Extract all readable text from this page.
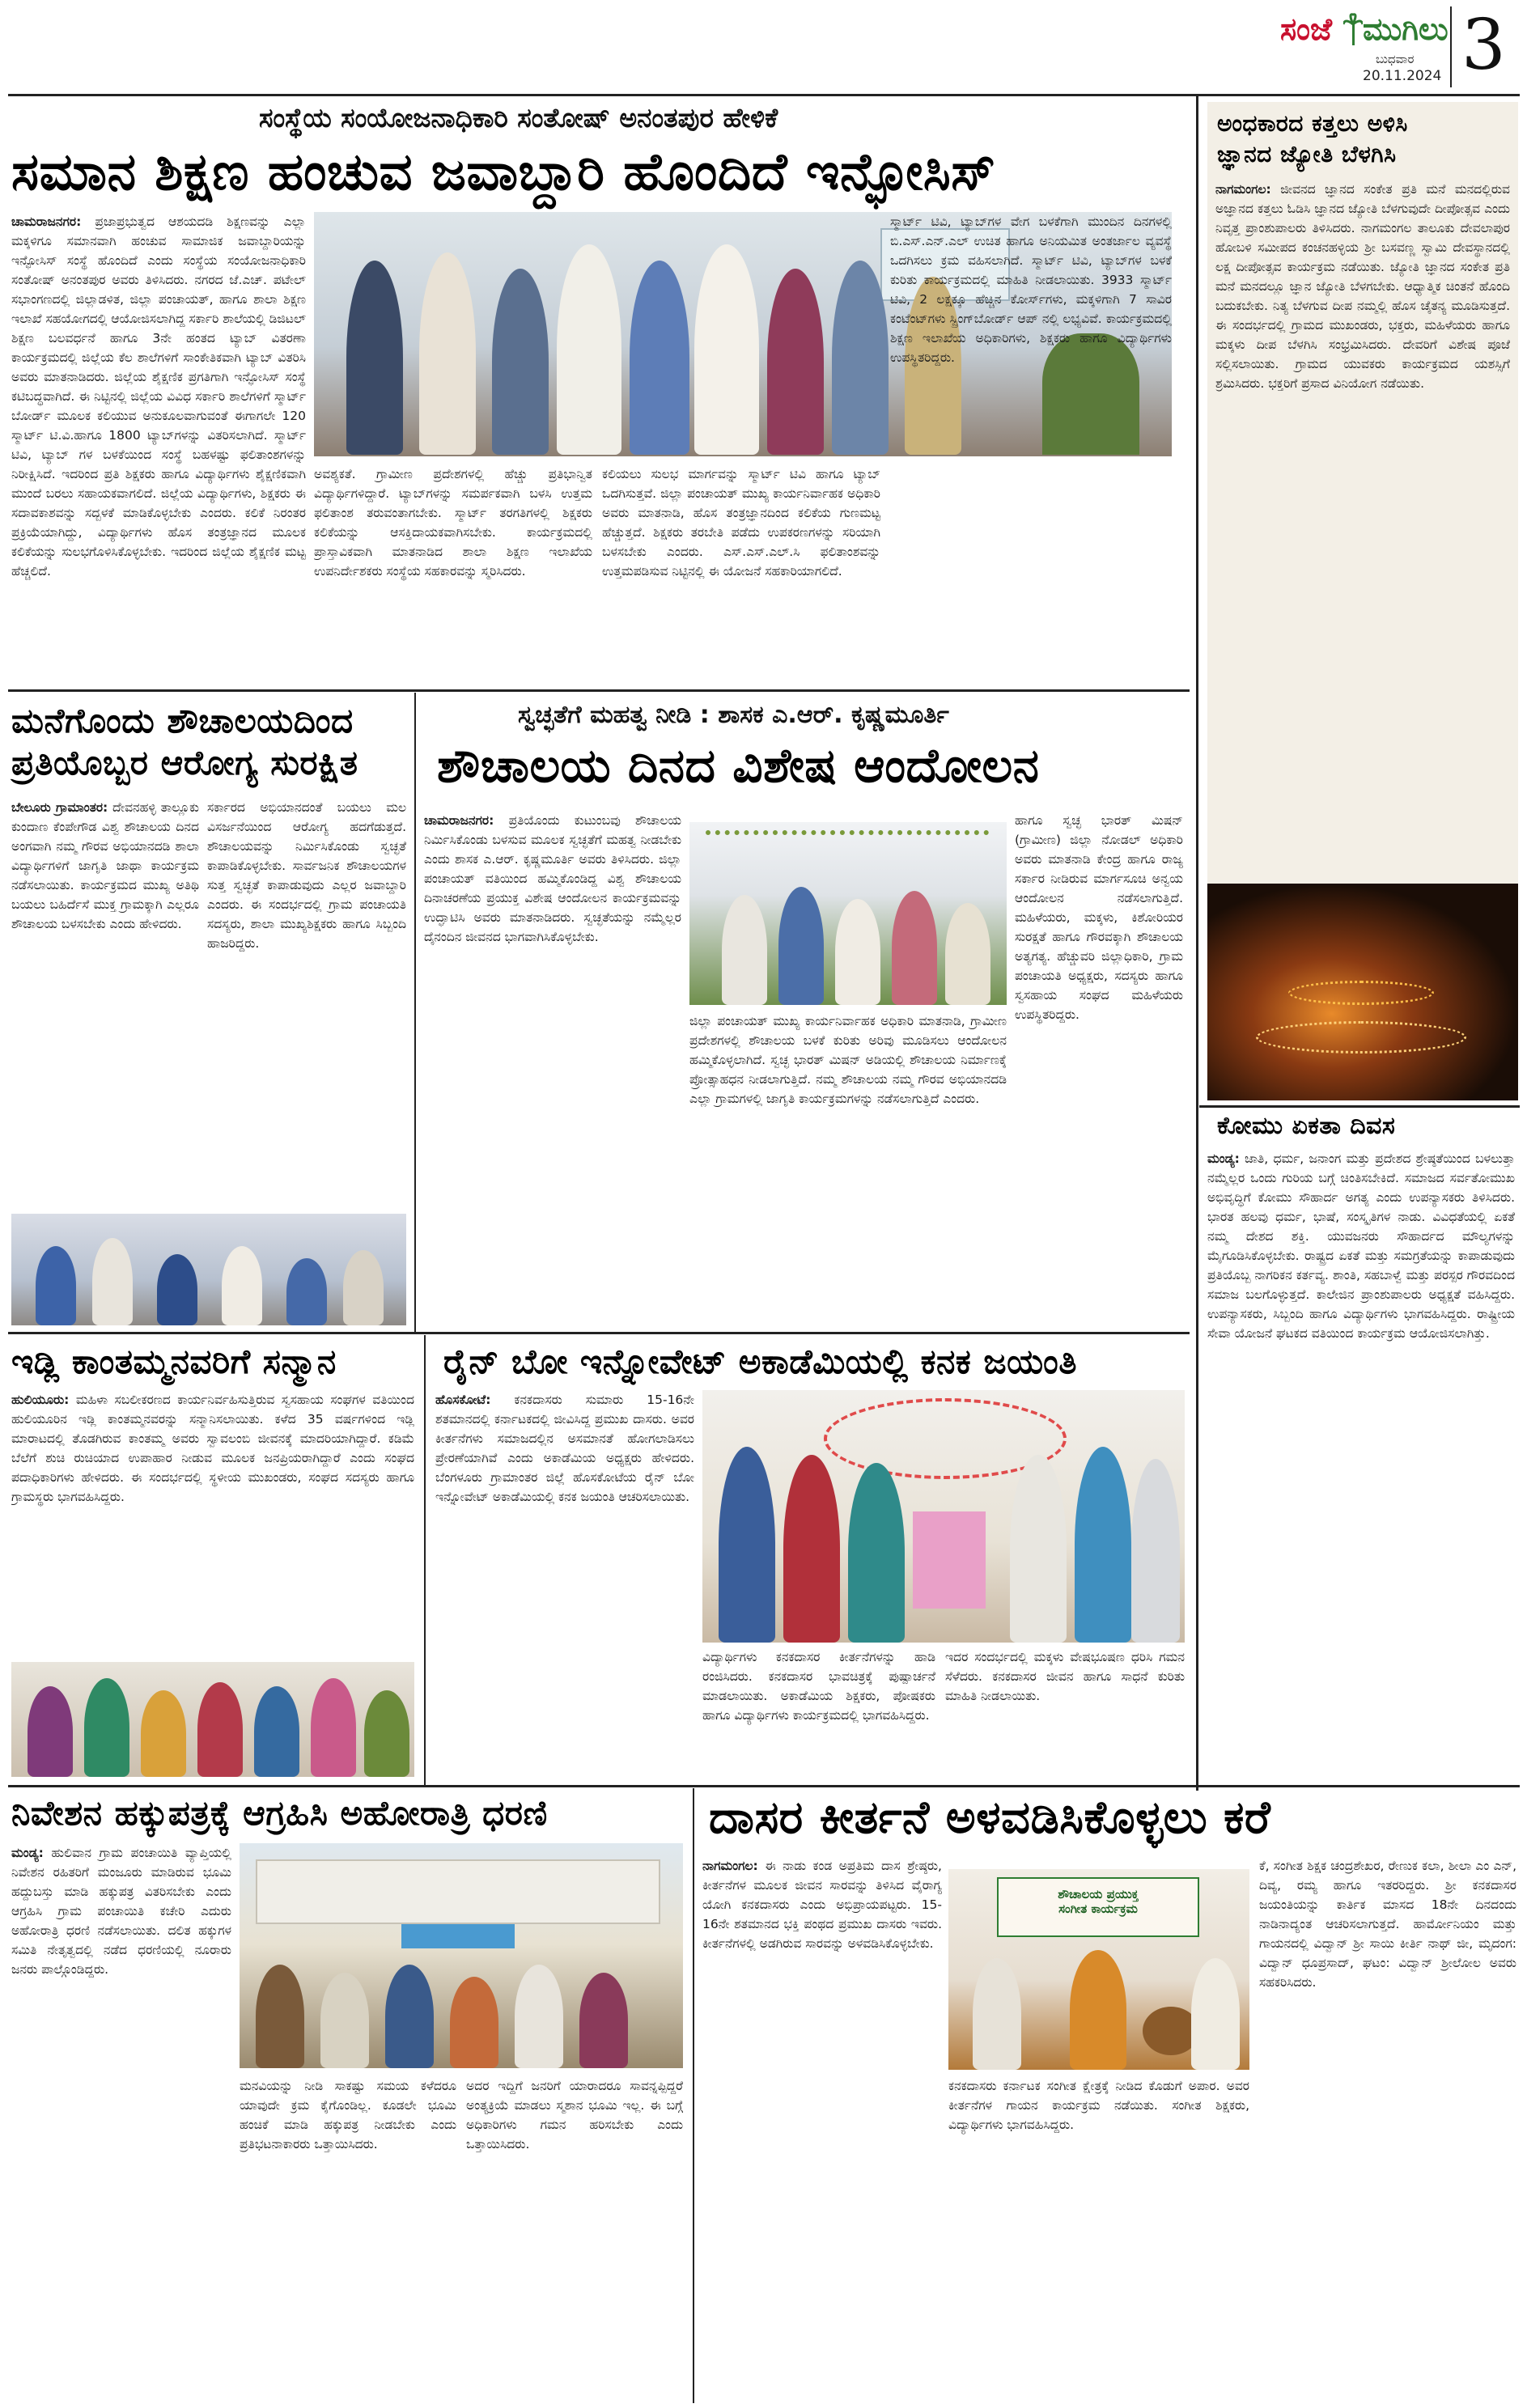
ಸಂಜೆ ಮುಗಿಲು
ಬುಧವಾರ
20.11.2024 3
ಸಂಸ್ಥೆಯ ಸಂಯೋಜನಾಧಿಕಾರಿ ಸಂತೋಷ್ ಅನಂತಪುರ ಹೇಳಿಕೆ
ಸಮಾನ ಶಿಕ್ಷಣ ಹಂಚುವ ಜವಾಬ್ದಾರಿ ಹೊಂದಿದೆ ಇನ್ಫೋಸಿಸ್
ಚಾಮರಾಜನಗರ: ಪ್ರಜಾಪ್ರಭುತ್ವದ ಆಶಯದಡಿ ಶಿಕ್ಷಣವನ್ನು ಎಲ್ಲಾ ಮಕ್ಕಳಿಗೂ ಸಮಾನವಾಗಿ ಹಂಚುವ ಸಾಮಾಜಿಕ ಜವಾಬ್ದಾರಿಯನ್ನು ಇನ್ಫೋಸಿಸ್ ಸಂಸ್ಥೆ ಹೊಂದಿದೆ ಎಂದು ಸಂಸ್ಥೆಯ ಸಂಯೋಜನಾಧಿಕಾರಿ ಸಂತೋಷ್ ಅನಂತಪುರ ಅವರು ತಿಳಿಸಿದರು. ನಗರದ ಜೆ.ಎಚ್. ಪಟೇಲ್ ಸಭಾಂಗಣದಲ್ಲಿ ಜಿಲ್ಲಾಡಳಿತ, ಜಿಲ್ಲಾ ಪಂಚಾಯತ್, ಹಾಗೂ ಶಾಲಾ ಶಿಕ್ಷಣ ಇಲಾಖೆ ಸಹಯೋಗದಲ್ಲಿ ಆಯೋಜಿಸಲಾಗಿದ್ದ ಸರ್ಕಾರಿ ಶಾಲೆಯಲ್ಲಿ ಡಿಜಿಟಲ್ ಶಿಕ್ಷಣ ಬಲವರ್ಧನೆ ಹಾಗೂ 3ನೇ ಹಂತದ ಟ್ಯಾಬ್ ವಿತರಣಾ ಕಾರ್ಯಕ್ರಮದಲ್ಲಿ ಜಿಲ್ಲೆಯ ಕೆಲ ಶಾಲೆಗಳಿಗೆ ಸಾಂಕೇತಿಕವಾಗಿ ಟ್ಯಾಬ್ ವಿತರಿಸಿ ಅವರು ಮಾತನಾಡಿದರು. ಜಿಲ್ಲೆಯ ಶೈಕ್ಷಣಿಕ ಪ್ರಗತಿಗಾಗಿ ಇನ್ಫೋಸಿಸ್ ಸಂಸ್ಥೆ ಕಟಿಬದ್ಧವಾಗಿದೆ. ಈ ನಿಟ್ಟಿನಲ್ಲಿ ಜಿಲ್ಲೆಯ ವಿವಿಧ ಸರ್ಕಾರಿ ಶಾಲೆಗಳಿಗೆ ಸ್ಮಾರ್ಟ್ ಬೋರ್ಡ್ ಮೂಲಕ ಕಲಿಯುವ ಅನುಕೂಲವಾಗುವಂತೆ ಈಗಾಗಲೇ 120 ಸ್ಮಾರ್ಟ್ ಟಿ.ವಿ.ಹಾಗೂ 1800 ಟ್ಯಾಬ್‌ಗಳನ್ನು ವಿತರಿಸಲಾಗಿದೆ. ಸ್ಮಾರ್ಟ್ ಟಿವಿ, ಟ್ಯಾಬ್ ಗಳ ಬಳಕೆಯಿಂದ ಸಂಸ್ಥೆ ಬಹಳಷ್ಟು ಫಲಿತಾಂಶಗಳನ್ನು ನಿರೀಕ್ಷಿಸಿದೆ. ಇದರಿಂದ ಪ್ರತಿ ಶಿಕ್ಷಕರು ಹಾಗೂ ವಿದ್ಯಾರ್ಥಿಗಳು ಶೈಕ್ಷಣಿಕವಾಗಿ ಮುಂದೆ ಬರಲು ಸಹಾಯಕವಾಗಲಿದೆ. ಜಿಲ್ಲೆಯ ವಿದ್ಯಾರ್ಥಿಗಳು, ಶಿಕ್ಷಕರು ಈ ಸದಾವಕಾಶವನ್ನು ಸದ್ಬಳಕೆ ಮಾಡಿಕೊಳ್ಳಬೇಕು ಎಂದರು. ಕಲಿಕೆ ನಿರಂತರ ಪ್ರಕ್ರಿಯೆಯಾಗಿದ್ದು, ವಿದ್ಯಾರ್ಥಿಗಳು ಹೊಸ ತಂತ್ರಜ್ಞಾನದ ಮೂಲಕ ಕಲಿಕೆಯನ್ನು ಸುಲಭಗೊಳಿಸಿಕೊಳ್ಳಬೇಕು. ಇದರಿಂದ ಜಿಲ್ಲೆಯ ಶೈಕ್ಷಣಿಕ ಮಟ್ಟ ಹೆಚ್ಚಲಿದೆ.
ಅವಶ್ಯಕತೆ. ಗ್ರಾಮೀಣ ಪ್ರದೇಶಗಳಲ್ಲಿ ಹೆಚ್ಚು ಪ್ರತಿಭಾನ್ವಿತ ವಿದ್ಯಾರ್ಥಿಗಳಿದ್ದಾರೆ. ಟ್ಯಾಬ್‌ಗಳನ್ನು ಸಮರ್ಪಕವಾಗಿ ಬಳಸಿ ಉತ್ತಮ ಫಲಿತಾಂಶ ತರುವಂತಾಗಬೇಕು. ಸ್ಮಾರ್ಟ್ ತರಗತಿಗಳಲ್ಲಿ ಶಿಕ್ಷಕರು ಕಲಿಕೆಯನ್ನು ಆಸಕ್ತಿದಾಯಕವಾಗಿಸಬೇಕು. ಕಾರ್ಯಕ್ರಮದಲ್ಲಿ ಪ್ರಾಸ್ತಾವಿಕವಾಗಿ ಮಾತನಾಡಿದ ಶಾಲಾ ಶಿಕ್ಷಣ ಇಲಾಖೆಯ ಉಪನಿರ್ದೇಶಕರು ಸಂಸ್ಥೆಯ ಸಹಕಾರವನ್ನು ಸ್ಮರಿಸಿದರು.
ಕಲಿಯಲು ಸುಲಭ ಮಾರ್ಗವನ್ನು ಸ್ಮಾರ್ಟ್ ಟಿವಿ ಹಾಗೂ ಟ್ಯಾಬ್ ಒದಗಿಸುತ್ತವೆ. ಜಿಲ್ಲಾ ಪಂಚಾಯತ್ ಮುಖ್ಯ ಕಾರ್ಯನಿರ್ವಾಹಕ ಅಧಿಕಾರಿ ಅವರು ಮಾತನಾಡಿ, ಹೊಸ ತಂತ್ರಜ್ಞಾನದಿಂದ ಕಲಿಕೆಯ ಗುಣಮಟ್ಟ ಹೆಚ್ಚುತ್ತದೆ. ಶಿಕ್ಷಕರು ತರಬೇತಿ ಪಡೆದು ಉಪಕರಣಗಳನ್ನು ಸರಿಯಾಗಿ ಬಳಸಬೇಕು ಎಂದರು. ಎಸ್.ಎಸ್.ಎಲ್.ಸಿ ಫಲಿತಾಂಶವನ್ನು ಉತ್ತಮಪಡಿಸುವ ನಿಟ್ಟಿನಲ್ಲಿ ಈ ಯೋಜನೆ ಸಹಕಾರಿಯಾಗಲಿದೆ.
ಸ್ಮಾರ್ಟ್ ಟಿವಿ, ಟ್ಯಾಬ್‌ಗಳ ವೇಗ ಬಳಕೆಗಾಗಿ ಮುಂದಿನ ದಿನಗಳಲ್ಲಿ ಬಿ.ಎಸ್.ಎನ್.ಎಲ್ ಉಚಿತ ಹಾಗೂ ಅನಿಯಮಿತ ಅಂತರ್ಜಾಲ ವ್ಯವಸ್ಥೆ ಒದಗಿಸಲು ಕ್ರಮ ವಹಿಸಲಾಗಿದೆ. ಸ್ಮಾರ್ಟ್ ಟಿವಿ, ಟ್ಯಾಬ್‌ಗಳ ಬಳಕೆ ಕುರಿತು ಕಾರ್ಯಕ್ರಮದಲ್ಲಿ ಮಾಹಿತಿ ನೀಡಲಾಯಿತು. 3933 ಸ್ಮಾರ್ಟ್ ಟಿವಿ, 2 ಲಕ್ಷಕ್ಕೂ ಹೆಚ್ಚಿನ ಕೋರ್ಸ್‌ಗಳು, ಮಕ್ಕಳಿಗಾಗಿ 7 ಸಾವಿರ ಕಂಟೆಂಟ್‌ಗಳು ಸ್ಪ್ರಿಂಗ್‌ಬೋರ್ಡ್ ಆಪ್ ನಲ್ಲಿ ಲಭ್ಯವಿವೆ. ಕಾರ್ಯಕ್ರಮದಲ್ಲಿ ಶಿಕ್ಷಣ ಇಲಾಖೆಯ ಅಧಿಕಾರಿಗಳು, ಶಿಕ್ಷಕರು ಹಾಗೂ ವಿದ್ಯಾರ್ಥಿಗಳು ಉಪಸ್ಥಿತರಿದ್ದರು.
ಮನೆಗೊಂದು ಶೌಚಾಲಯದಿಂದ
ಪ್ರತಿಯೊಬ್ಬರ ಆರೋಗ್ಯ ಸುರಕ್ಷಿತ
ಬೇಲೂರು ಗ್ರಾಮಾಂತರ: ದೇವನಹಳ್ಳಿ ತಾಲ್ಲೂಕು ಕುಂದಾಣ ಕೆಂಪೇಗೌಡ ವಿಶ್ವ ಶೌಚಾಲಯ ದಿನದ ಅಂಗವಾಗಿ ನಮ್ಮ ಗೌರವ ಅಭಿಯಾನದಡಿ ಶಾಲಾ ವಿದ್ಯಾರ್ಥಿಗಳಿಗೆ ಜಾಗೃತಿ ಜಾಥಾ ಕಾರ್ಯಕ್ರಮ ನಡೆಸಲಾಯಿತು. ಕಾರ್ಯಕ್ರಮದ ಮುಖ್ಯ ಅತಿಥಿ ಬಯಲು ಬಹಿರ್ದೆಸೆ ಮುಕ್ತ ಗ್ರಾಮಕ್ಕಾಗಿ ಎಲ್ಲರೂ ಶೌಚಾಲಯ ಬಳಸಬೇಕು ಎಂದು ಹೇಳಿದರು.
ಸರ್ಕಾರದ ಅಭಿಯಾನದಂತೆ ಬಯಲು ಮಲ ವಿಸರ್ಜನೆಯಿಂದ ಆರೋಗ್ಯ ಹದಗೆಡುತ್ತದೆ. ಶೌಚಾಲಯವನ್ನು ನಿರ್ಮಿಸಿಕೊಂಡು ಸ್ವಚ್ಛತೆ ಕಾಪಾಡಿಕೊಳ್ಳಬೇಕು. ಸಾರ್ವಜನಿಕ ಶೌಚಾಲಯಗಳ ಸುತ್ತ ಸ್ವಚ್ಛತೆ ಕಾಪಾಡುವುದು ಎಲ್ಲರ ಜವಾಬ್ದಾರಿ ಎಂದರು. ಈ ಸಂದರ್ಭದಲ್ಲಿ ಗ್ರಾಮ ಪಂಚಾಯತಿ ಸದಸ್ಯರು, ಶಾಲಾ ಮುಖ್ಯಶಿಕ್ಷಕರು ಹಾಗೂ ಸಿಬ್ಬಂದಿ ಹಾಜರಿದ್ದರು.
ಸ್ವಚ್ಛತೆಗೆ ಮಹತ್ವ ನೀಡಿ : ಶಾಸಕ ಎ.ಆರ್. ಕೃಷ್ಣಮೂರ್ತಿ
ಶೌಚಾಲಯ ದಿನದ ವಿಶೇಷ ಆಂದೋಲನ
ಚಾಮರಾಜನಗರ: ಪ್ರತಿಯೊಂದು ಕುಟುಂಬವು ಶೌಚಾಲಯ ನಿರ್ಮಿಸಿಕೊಂಡು ಬಳಸುವ ಮೂಲಕ ಸ್ವಚ್ಛತೆಗೆ ಮಹತ್ವ ನೀಡಬೇಕು ಎಂದು ಶಾಸಕ ಎ.ಆರ್. ಕೃಷ್ಣಮೂರ್ತಿ ಅವರು ತಿಳಿಸಿದರು. ಜಿಲ್ಲಾ ಪಂಚಾಯತ್ ವತಿಯಿಂದ ಹಮ್ಮಿಕೊಂಡಿದ್ದ ವಿಶ್ವ ಶೌಚಾಲಯ ದಿನಾಚರಣೆಯ ಪ್ರಯುಕ್ತ ವಿಶೇಷ ಆಂದೋಲನ ಕಾರ್ಯಕ್ರಮವನ್ನು ಉದ್ಘಾಟಿಸಿ ಅವರು ಮಾತನಾಡಿದರು. ಸ್ವಚ್ಛತೆಯನ್ನು ನಮ್ಮೆಲ್ಲರ ದೈನಂದಿನ ಜೀವನದ ಭಾಗವಾಗಿಸಿಕೊಳ್ಳಬೇಕು.
ಜಿಲ್ಲಾ ಪಂಚಾಯತ್ ಮುಖ್ಯ ಕಾರ್ಯನಿರ್ವಾಹಕ ಅಧಿಕಾರಿ ಮಾತನಾಡಿ, ಗ್ರಾಮೀಣ ಪ್ರದೇಶಗಳಲ್ಲಿ ಶೌಚಾಲಯ ಬಳಕೆ ಕುರಿತು ಅರಿವು ಮೂಡಿಸಲು ಆಂದೋಲನ ಹಮ್ಮಿಕೊಳ್ಳಲಾಗಿದೆ. ಸ್ವಚ್ಛ ಭಾರತ್ ಮಿಷನ್ ಅಡಿಯಲ್ಲಿ ಶೌಚಾಲಯ ನಿರ್ಮಾಣಕ್ಕೆ ಪ್ರೋತ್ಸಾಹಧನ ನೀಡಲಾಗುತ್ತಿದೆ. ನಮ್ಮ ಶೌಚಾಲಯ ನಮ್ಮ ಗೌರವ ಅಭಿಯಾನದಡಿ ಎಲ್ಲಾ ಗ್ರಾಮಗಳಲ್ಲಿ ಜಾಗೃತಿ ಕಾರ್ಯಕ್ರಮಗಳನ್ನು ನಡೆಸಲಾಗುತ್ತಿದೆ ಎಂದರು.
ಹಾಗೂ ಸ್ವಚ್ಛ ಭಾರತ್ ಮಿಷನ್ (ಗ್ರಾಮೀಣ) ಜಿಲ್ಲಾ ನೋಡಲ್ ಅಧಿಕಾರಿ ಅವರು ಮಾತನಾಡಿ ಕೇಂದ್ರ ಹಾಗೂ ರಾಜ್ಯ ಸರ್ಕಾರ ನೀಡಿರುವ ಮಾರ್ಗಸೂಚಿ ಅನ್ವಯ ಆಂದೋಲನ ನಡೆಸಲಾಗುತ್ತಿದೆ. ಮಹಿಳೆಯರು, ಮಕ್ಕಳು, ಕಿಶೋರಿಯರ ಸುರಕ್ಷತೆ ಹಾಗೂ ಗೌರವಕ್ಕಾಗಿ ಶೌಚಾಲಯ ಅತ್ಯಗತ್ಯ. ಹೆಚ್ಚುವರಿ ಜಿಲ್ಲಾಧಿಕಾರಿ, ಗ್ರಾಮ ಪಂಚಾಯತಿ ಅಧ್ಯಕ್ಷರು, ಸದಸ್ಯರು ಹಾಗೂ ಸ್ವಸಹಾಯ ಸಂಘದ ಮಹಿಳೆಯರು ಉಪಸ್ಥಿತರಿದ್ದರು.
ಇಡ್ಲಿ ಕಾಂತಮ್ಮನವರಿಗೆ ಸನ್ಮಾನ
ಹುಲಿಯೂರು: ಮಹಿಳಾ ಸಬಲೀಕರಣದ ಕಾರ್ಯನಿರ್ವಹಿಸುತ್ತಿರುವ ಸ್ವಸಹಾಯ ಸಂಘಗಳ ವತಿಯಿಂದ ಹುಲಿಯೂರಿನ ಇಡ್ಲಿ ಕಾಂತಮ್ಮನವರನ್ನು ಸನ್ಮಾನಿಸಲಾಯಿತು. ಕಳೆದ 35 ವರ್ಷಗಳಿಂದ ಇಡ್ಲಿ ಮಾರಾಟದಲ್ಲಿ ತೊಡಗಿರುವ ಕಾಂತಮ್ಮ ಅವರು ಸ್ವಾವಲಂಬಿ ಜೀವನಕ್ಕೆ ಮಾದರಿಯಾಗಿದ್ದಾರೆ. ಕಡಿಮೆ ಬೆಲೆಗೆ ಶುಚಿ ರುಚಿಯಾದ ಉಪಾಹಾರ ನೀಡುವ ಮೂಲಕ ಜನಪ್ರಿಯರಾಗಿದ್ದಾರೆ ಎಂದು ಸಂಘದ ಪದಾಧಿಕಾರಿಗಳು ಹೇಳಿದರು. ಈ ಸಂದರ್ಭದಲ್ಲಿ ಸ್ಥಳೀಯ ಮುಖಂಡರು, ಸಂಘದ ಸದಸ್ಯರು ಹಾಗೂ ಗ್ರಾಮಸ್ಥರು ಭಾಗವಹಿಸಿದ್ದರು.
ರೈನ್ ಬೋ ಇನ್ನೋವೇಟ್ ಅಕಾಡೆಮಿಯಲ್ಲಿ ಕನಕ ಜಯಂತಿ
ಹೊಸಕೋಟೆ: ಕನಕದಾಸರು ಸುಮಾರು 15-16ನೇ ಶತಮಾನದಲ್ಲಿ ಕರ್ನಾಟಕದಲ್ಲಿ ಜೀವಿಸಿದ್ದ ಪ್ರಮುಖ ದಾಸರು. ಅವರ ಕೀರ್ತನೆಗಳು ಸಮಾಜದಲ್ಲಿನ ಅಸಮಾನತೆ ಹೋಗಲಾಡಿಸಲು ಪ್ರೇರಣೆಯಾಗಿವೆ ಎಂದು ಅಕಾಡೆಮಿಯ ಅಧ್ಯಕ್ಷರು ಹೇಳಿದರು. ಬೆಂಗಳೂರು ಗ್ರಾಮಾಂತರ ಜಿಲ್ಲೆ ಹೊಸಕೋಟೆಯ ರೈನ್ ಬೋ ಇನ್ನೋವೇಟ್ ಅಕಾಡೆಮಿಯಲ್ಲಿ ಕನಕ ಜಯಂತಿ ಆಚರಿಸಲಾಯಿತು.
ವಿದ್ಯಾರ್ಥಿಗಳು ಕನಕದಾಸರ ಕೀರ್ತನೆಗಳನ್ನು ಹಾಡಿ ರಂಜಿಸಿದರು. ಕನಕದಾಸರ ಭಾವಚಿತ್ರಕ್ಕೆ ಪುಷ್ಪಾರ್ಚನೆ ಮಾಡಲಾಯಿತು. ಅಕಾಡೆಮಿಯ ಶಿಕ್ಷಕರು, ಪೋಷಕರು ಹಾಗೂ ವಿದ್ಯಾರ್ಥಿಗಳು ಕಾರ್ಯಕ್ರಮದಲ್ಲಿ ಭಾಗವಹಿಸಿದ್ದರು.
ಇದರ ಸಂದರ್ಭದಲ್ಲಿ ಮಕ್ಕಳು ವೇಷಭೂಷಣ ಧರಿಸಿ ಗಮನ ಸೆಳೆದರು. ಕನಕದಾಸರ ಜೀವನ ಹಾಗೂ ಸಾಧನೆ ಕುರಿತು ಮಾಹಿತಿ ನೀಡಲಾಯಿತು.
ಅಂಧಕಾರದ ಕತ್ತಲು ಅಳಿಸಿ
ಜ್ಞಾನದ ಜ್ಯೋತಿ ಬೆಳಗಿಸಿ
ನಾಗಮಂಗಲ: ಜೀವನದ ಜ್ಞಾನದ ಸಂಕೇತ ಪ್ರತಿ ಮನೆ ಮನದಲ್ಲಿರುವ ಅಜ್ಞಾನದ ಕತ್ತಲು ಓಡಿಸಿ ಜ್ಞಾನದ ಜ್ಯೋತಿ ಬೆಳಗುವುದೇ ದೀಪೋತ್ಸವ ಎಂದು ನಿವೃತ್ತ ಪ್ರಾಂಶುಪಾಲರು ತಿಳಿಸಿದರು. ನಾಗಮಂಗಲ ತಾಲೂಕು ದೇವಲಾಪುರ ಹೋಬಳಿ ಸಮೀಪದ ಕಂಚನಹಳ್ಳಿಯ ಶ್ರೀ ಬಸವಣ್ಣ ಸ್ವಾಮಿ ದೇವಸ್ಥಾನದಲ್ಲಿ ಲಕ್ಷ ದೀಪೋತ್ಸವ ಕಾರ್ಯಕ್ರಮ ನಡೆಯಿತು. ಜ್ಯೋತಿ ಜ್ಞಾನದ ಸಂಕೇತ ಪ್ರತಿ ಮನೆ ಮನದಲ್ಲೂ ಜ್ಞಾನ ಜ್ಯೋತಿ ಬೆಳಗಬೇಕು. ಆಧ್ಯಾತ್ಮಿಕ ಚಿಂತನೆ ಹೊಂದಿ ಬದುಕಬೇಕು. ನಿತ್ಯ ಬೆಳಗುವ ದೀಪ ನಮ್ಮಲ್ಲಿ ಹೊಸ ಚೈತನ್ಯ ಮೂಡಿಸುತ್ತದೆ. ಈ ಸಂದರ್ಭದಲ್ಲಿ ಗ್ರಾಮದ ಮುಖಂಡರು, ಭಕ್ತರು, ಮಹಿಳೆಯರು ಹಾಗೂ ಮಕ್ಕಳು ದೀಪ ಬೆಳಗಿಸಿ ಸಂಭ್ರಮಿಸಿದರು. ದೇವರಿಗೆ ವಿಶೇಷ ಪೂಜೆ ಸಲ್ಲಿಸಲಾಯಿತು. ಗ್ರಾಮದ ಯುವಕರು ಕಾರ್ಯಕ್ರಮದ ಯಶಸ್ಸಿಗೆ ಶ್ರಮಿಸಿದರು. ಭಕ್ತರಿಗೆ ಪ್ರಸಾದ ವಿನಿಯೋಗ ನಡೆಯಿತು.
ಕೋಮು ಏಕತಾ ದಿವಸ
ಮಂಡ್ಯ: ಜಾತಿ, ಧರ್ಮ, ಜನಾಂಗ ಮತ್ತು ಪ್ರದೇಶದ ಶ್ರೇಷ್ಠತೆಯಿಂದ ಬಳಲುತ್ತಾ ನಮ್ಮೆಲ್ಲರ ಒಂದು ಗುರಿಯ ಬಗ್ಗೆ ಚಿಂತಿಸಬೇಕಿದೆ. ಸಮಾಜದ ಸರ್ವತೋಮುಖ ಅಭಿವೃದ್ಧಿಗೆ ಕೋಮು ಸೌಹಾರ್ದ ಅಗತ್ಯ ಎಂದು ಉಪನ್ಯಾಸಕರು ತಿಳಿಸಿದರು. ಭಾರತ ಹಲವು ಧರ್ಮ, ಭಾಷೆ, ಸಂಸ್ಕೃತಿಗಳ ನಾಡು. ವಿವಿಧತೆಯಲ್ಲಿ ಏಕತೆ ನಮ್ಮ ದೇಶದ ಶಕ್ತಿ. ಯುವಜನರು ಸೌಹಾರ್ದದ ಮೌಲ್ಯಗಳನ್ನು ಮೈಗೂಡಿಸಿಕೊಳ್ಳಬೇಕು. ರಾಷ್ಟ್ರದ ಏಕತೆ ಮತ್ತು ಸಮಗ್ರತೆಯನ್ನು ಕಾಪಾಡುವುದು ಪ್ರತಿಯೊಬ್ಬ ನಾಗರಿಕನ ಕರ್ತವ್ಯ. ಶಾಂತಿ, ಸಹಬಾಳ್ವೆ ಮತ್ತು ಪರಸ್ಪರ ಗೌರವದಿಂದ ಸಮಾಜ ಬಲಗೊಳ್ಳುತ್ತದೆ. ಕಾಲೇಜಿನ ಪ್ರಾಂಶುಪಾಲರು ಅಧ್ಯಕ್ಷತೆ ವಹಿಸಿದ್ದರು. ಉಪನ್ಯಾಸಕರು, ಸಿಬ್ಬಂದಿ ಹಾಗೂ ವಿದ್ಯಾರ್ಥಿಗಳು ಭಾಗವಹಿಸಿದ್ದರು. ರಾಷ್ಟ್ರೀಯ ಸೇವಾ ಯೋಜನೆ ಘಟಕದ ವತಿಯಿಂದ ಕಾರ್ಯಕ್ರಮ ಆಯೋಜಿಸಲಾಗಿತ್ತು.
ನಿವೇಶನ ಹಕ್ಕುಪತ್ರಕ್ಕೆ ಆಗ್ರಹಿಸಿ ಅಹೋರಾತ್ರಿ ಧರಣಿ
ಮಂಡ್ಯ: ಹುಲಿವಾನ ಗ್ರಾಮ ಪಂಚಾಯಿತಿ ವ್ಯಾಪ್ತಿಯಲ್ಲಿ ನಿವೇಶನ ರಹಿತರಿಗೆ ಮಂಜೂರು ಮಾಡಿರುವ ಭೂಮಿ ಹದ್ದುಬಸ್ತು ಮಾಡಿ ಹಕ್ಕುಪತ್ರ ವಿತರಿಸಬೇಕು ಎಂದು ಆಗ್ರಹಿಸಿ ಗ್ರಾಮ ಪಂಚಾಯಿತಿ ಕಚೇರಿ ಎದುರು ಅಹೋರಾತ್ರಿ ಧರಣಿ ನಡೆಸಲಾಯಿತು. ದಲಿತ ಹಕ್ಕುಗಳ ಸಮಿತಿ ನೇತೃತ್ವದಲ್ಲಿ ನಡೆದ ಧರಣಿಯಲ್ಲಿ ನೂರಾರು ಜನರು ಪಾಲ್ಗೊಂಡಿದ್ದರು.
ಮನವಿಯನ್ನು ನೀಡಿ ಸಾಕಷ್ಟು ಸಮಯ ಕಳೆದರೂ ಯಾವುದೇ ಕ್ರಮ ಕೈಗೊಂಡಿಲ್ಲ. ಕೂಡಲೇ ಭೂಮಿ ಹಂಚಿಕೆ ಮಾಡಿ ಹಕ್ಕುಪತ್ರ ನೀಡಬೇಕು ಎಂದು ಪ್ರತಿಭಟನಾಕಾರರು ಒತ್ತಾಯಿಸಿದರು.
ಅದರ ಇದ್ದಿಗೆ ಜನರಿಗೆ ಯಾರಾದರೂ ಸಾವನ್ನಪ್ಪಿದ್ದರೆ ಅಂತ್ಯಕ್ರಿಯೆ ಮಾಡಲು ಸ್ಮಶಾನ ಭೂಮಿ ಇಲ್ಲ. ಈ ಬಗ್ಗೆ ಅಧಿಕಾರಿಗಳು ಗಮನ ಹರಿಸಬೇಕು ಎಂದು ಒತ್ತಾಯಿಸಿದರು.
ದಾಸರ ಕೀರ್ತನೆ ಅಳವಡಿಸಿಕೊಳ್ಳಲು ಕರೆ
ನಾಗಮಂಗಲ: ಈ ನಾಡು ಕಂಡ ಅಪ್ರತಿಮ ದಾಸ ಶ್ರೇಷ್ಠರು, ಕೀರ್ತನೆಗಳ ಮೂಲಕ ಜೀವನ ಸಾರವನ್ನು ತಿಳಿಸಿದ ವೈರಾಗ್ಯ ಯೋಗಿ ಕನಕದಾಸರು ಎಂದು ಅಭಿಪ್ರಾಯಪಟ್ಟರು. 15-16ನೇ ಶತಮಾನದ ಭಕ್ತಿ ಪಂಥದ ಪ್ರಮುಖ ದಾಸರು ಇವರು. ಕೀರ್ತನೆಗಳಲ್ಲಿ ಅಡಗಿರುವ ಸಾರವನ್ನು ಅಳವಡಿಸಿಕೊಳ್ಳಬೇಕು.
ಶೌಚಾಲಯ ಪ್ರಯುಕ್ತ
ಸಂಗೀತ ಕಾರ್ಯಕ್ರಮ
ಕನಕದಾಸರು ಕರ್ನಾಟಕ ಸಂಗೀತ ಕ್ಷೇತ್ರಕ್ಕೆ ನೀಡಿದ ಕೊಡುಗೆ ಅಪಾರ. ಅವರ ಕೀರ್ತನೆಗಳ ಗಾಯನ ಕಾರ್ಯಕ್ರಮ ನಡೆಯಿತು. ಸಂಗೀತ ಶಿಕ್ಷಕರು, ವಿದ್ಯಾರ್ಥಿಗಳು ಭಾಗವಹಿಸಿದ್ದರು.
ಕೆ, ಸಂಗೀತ ಶಿಕ್ಷಕ ಚಂದ್ರಶೇಖರ, ರೇಣುಕ ಕಲಾ, ಶೀಲಾ ಎಂ ಎನ್, ದಿವ್ಯ, ರಮ್ಯ ಹಾಗೂ ಇತರರಿದ್ದರು. ಶ್ರೀ ಕನಕದಾಸರ ಜಯಂತಿಯನ್ನು ಕಾರ್ತಿಕ ಮಾಸದ 18ನೇ ದಿನದಂದು ನಾಡಿನಾದ್ಯಂತ ಆಚರಿಸಲಾಗುತ್ತದೆ. ಹಾರ್ಮೋನಿಯಂ ಮತ್ತು ಗಾಯನದಲ್ಲಿ ವಿದ್ವಾನ್ ಶ್ರೀ ಸಾಯಿ ಕೀರ್ತಿ ನಾಥ್ ಜೀ, ಮೃದಂಗ: ವಿದ್ವಾನ್ ಧೂಪ್ರಸಾದ್, ಘಟಂ: ವಿದ್ವಾನ್ ಶ್ರೀಲೋಲ ಅವರು ಸಹಕರಿಸಿದರು.
